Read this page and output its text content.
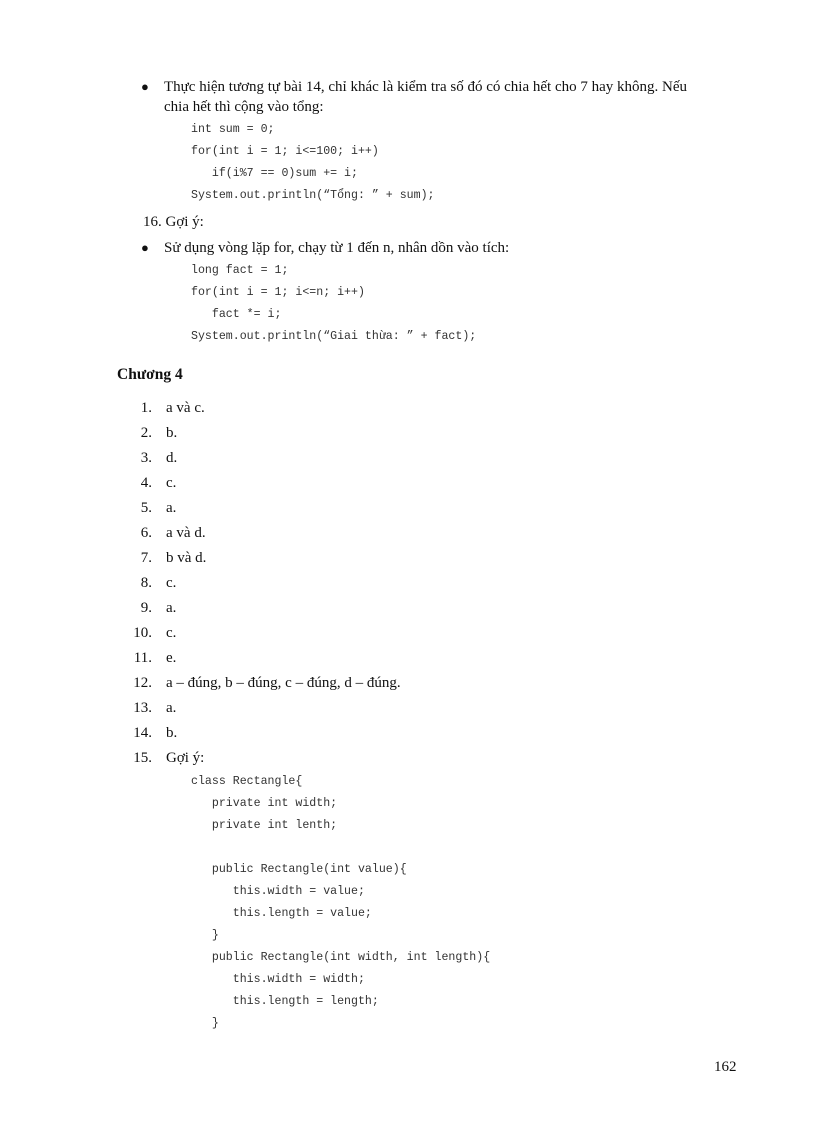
● Thực hiện tương tự bài 14, chỉ khác là kiểm tra số đó có chia hết cho 7 hay không. Nếu
chia hết thì cộng vào tổng:
int sum = 0;
for(int i = 1; i<=100; i++)
if(i%7 == 0)sum += i;
System.out.println(“Tổng: ” + sum);
16. Gợi ý:
● Sử dụng vòng lặp for, chạy từ 1 đến n, nhân dồn vào tích:
long fact = 1;
for(int i = 1; i<=n; i++)
fact *= i;
System.out.println(“Giai thừa: ” + fact);
Chương 4
1. a và c.
2. b.
3. d.
4. c.
5. a.
6. a và d.
7. b và d.
8. c.
9. a.
10. c.
11. e.
12. a – đúng, b – đúng, c – đúng, d – đúng.
13. a.
14. b.
15. Gợi ý:
class Rectangle{
private int width;
private int lenth;
public Rectangle(int value){
this.width = value;
this.length = value;
}
public Rectangle(int width, int length){
this.width = width;
this.length = length;
}
162
